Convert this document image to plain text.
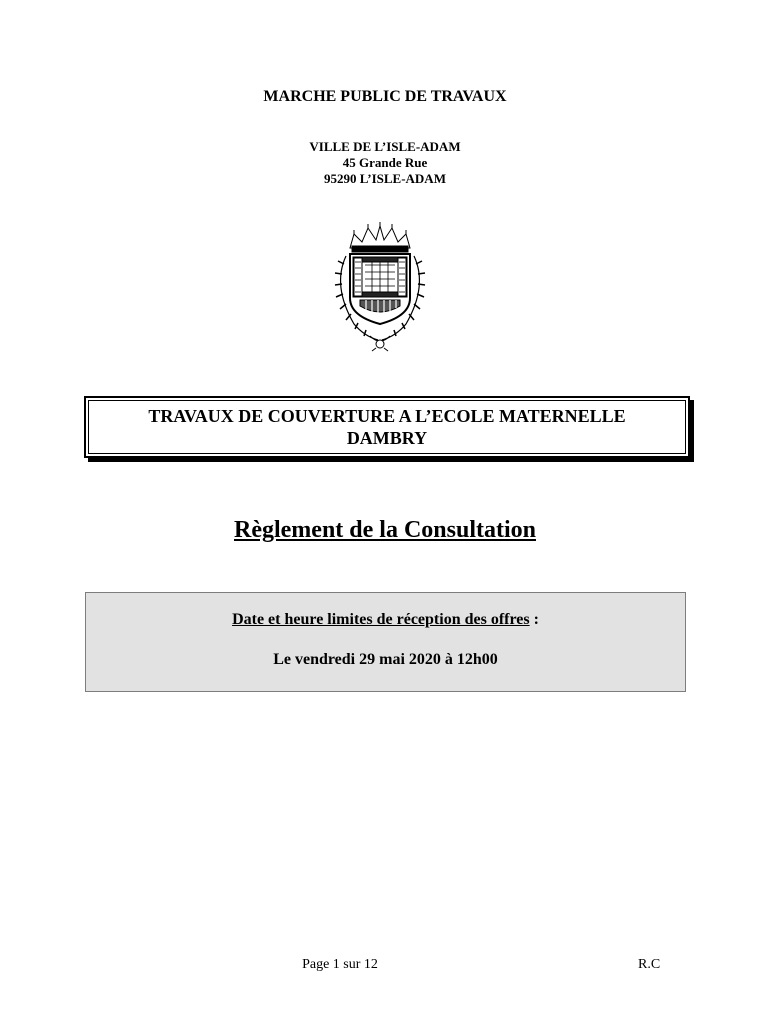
MARCHE PUBLIC DE TRAVAUX
VILLE DE L’ISLE-ADAM
45 Grande Rue
95290 L’ISLE-ADAM
TRAVAUX DE COUVERTURE A L’ECOLE MATERNELLE
DAMBRY
Règlement de la Consultation
Date et heure limites de réception des offres :
Le vendredi 29 mai 2020 à 12h00
Page 1 sur 12	R.C
